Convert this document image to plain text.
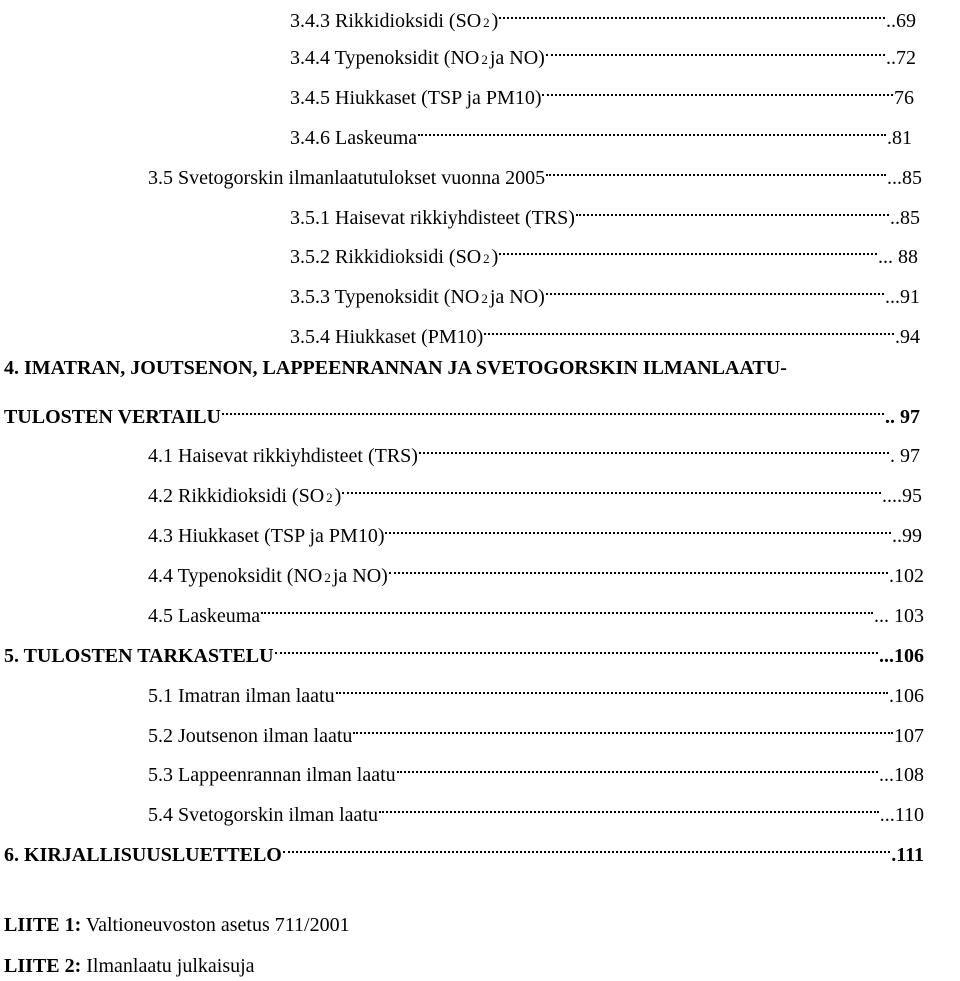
3.4.3 Rikkidioksidi (SO 2 )	..69
3.4.4 Typenoksidit (NO 2 ja NO)	..72
3.4.5 Hiukkaset (TSP ja PM10)	76
3.4.6 Laskeuma	.81
3.5 Svetogorskin ilmanlaatutulokset vuonna 2005	...85
3.5.1 Haisevat rikkiyhdisteet (TRS)	..85
3.5.2 Rikkidioksidi (SO 2 )	... 88
3.5.3 Typenoksidit (NO 2 ja NO)	...91
3.5.4 Hiukkaset (PM10)	.94
4. IMATRAN, JOUTSENON, LAPPEENRANNAN JA SVETOGORSKIN ILMANLAATU-
TULOSTEN VERTAILU	.. 97
4.1 Haisevat rikkiyhdisteet (TRS)	. 97
4.2 Rikkidioksidi (SO 2 )	....95
4.3 Hiukkaset (TSP ja PM10)	..99
4.4 Typenoksidit (NO 2 ja NO)	.102
4.5 Laskeuma	... 103
5. TULOSTEN TARKASTELU	...106
5.1 Imatran ilman laatu	.106
5.2 Joutsenon ilman laatu	107
5.3 Lappeenrannan ilman laatu	...108
5.4 Svetogorskin ilman laatu	...110
6. KIRJALLISUUSLUETTELO	.111
LIITE 1: Valtioneuvoston asetus 711/2001
LIITE 2: Ilmanlaatu julkaisuja
